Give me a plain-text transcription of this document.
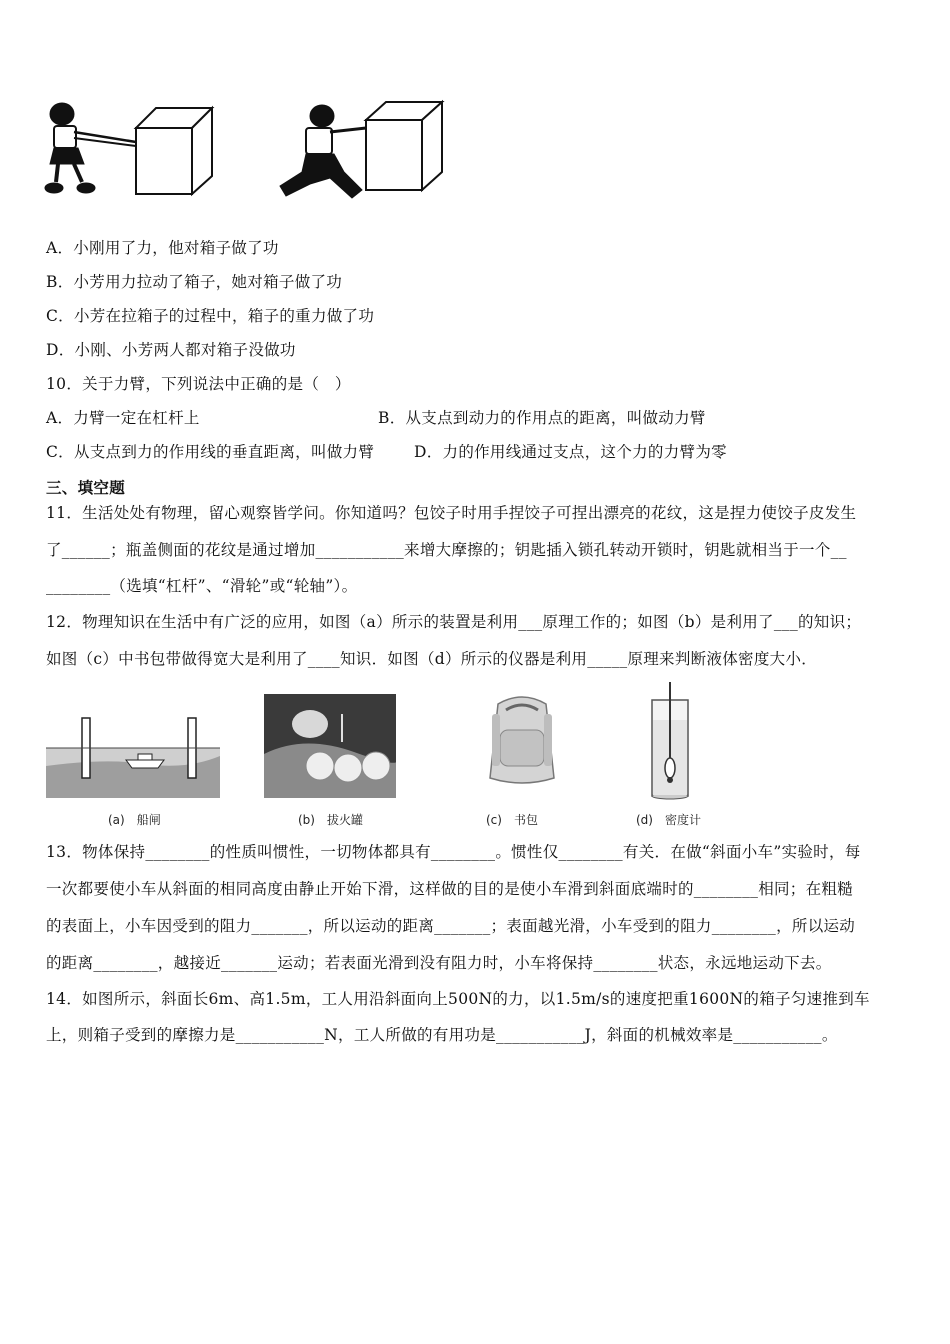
A．小刚用了力，他对箱子做了功
B．小芳用力拉动了箱子，她对箱子做了功
C．小芳在拉箱子的过程中，箱子的重力做了功
D．小刚、小芳两人都对箱子没做功
10．关于力臂，下列说法中正确的是（　）
A．力臂一定在杠杆上	B．从支点到动力的作用点的距离，叫做动力臂
C．从支点到力的作用线的垂直距离，叫做力臂	D．力的作用线通过支点，这个力的力臂为零
三、填空题
11．生活处处有物理，留心观察皆学问。你知道吗？包饺子时用手捏饺子可捏出漂亮的花纹，这是捏力使饺子皮发生
了______；瓶盖侧面的花纹是通过增加___________来增大摩擦的；钥匙插入锁孔转动开锁时，钥匙就相当于一个__
________（选填“杠杆”、“滑轮”或“轮轴”）。
12．物理知识在生活中有广泛的应用，如图（a）所示的装置是利用___原理工作的；如图（b）是利用了___的知识；
如图（c）中书包带做得宽大是利用了____知识．如图（d）所示的仪器是利用_____原理来判断液体密度大小．
(a)　船闸	(b)　拔火罐	(c)　书包	(d)　密度计
13．物体保持________的性质叫惯性，一切物体都具有________。惯性仅________有关．在做“斜面小车”实验时，每
一次都要使小车从斜面的相同高度由静止开始下滑，这样做的目的是使小车滑到斜面底端时的________相同；在粗糙
的表面上，小车因受到的阻力_______，所以运动的距离_______；表面越光滑，小车受到的阻力________，所以运动
的距离________，越接近_______运动；若表面光滑到没有阻力时，小车将保持________状态，永远地运动下去。
14．如图所示，斜面长6m、高1.5m，工人用沿斜面向上500N的力，以1.5m/s的速度把重1600N的箱子匀速推到车
上，则箱子受到的摩擦力是___________N，工人所做的有用功是___________J，斜面的机械效率是___________。
